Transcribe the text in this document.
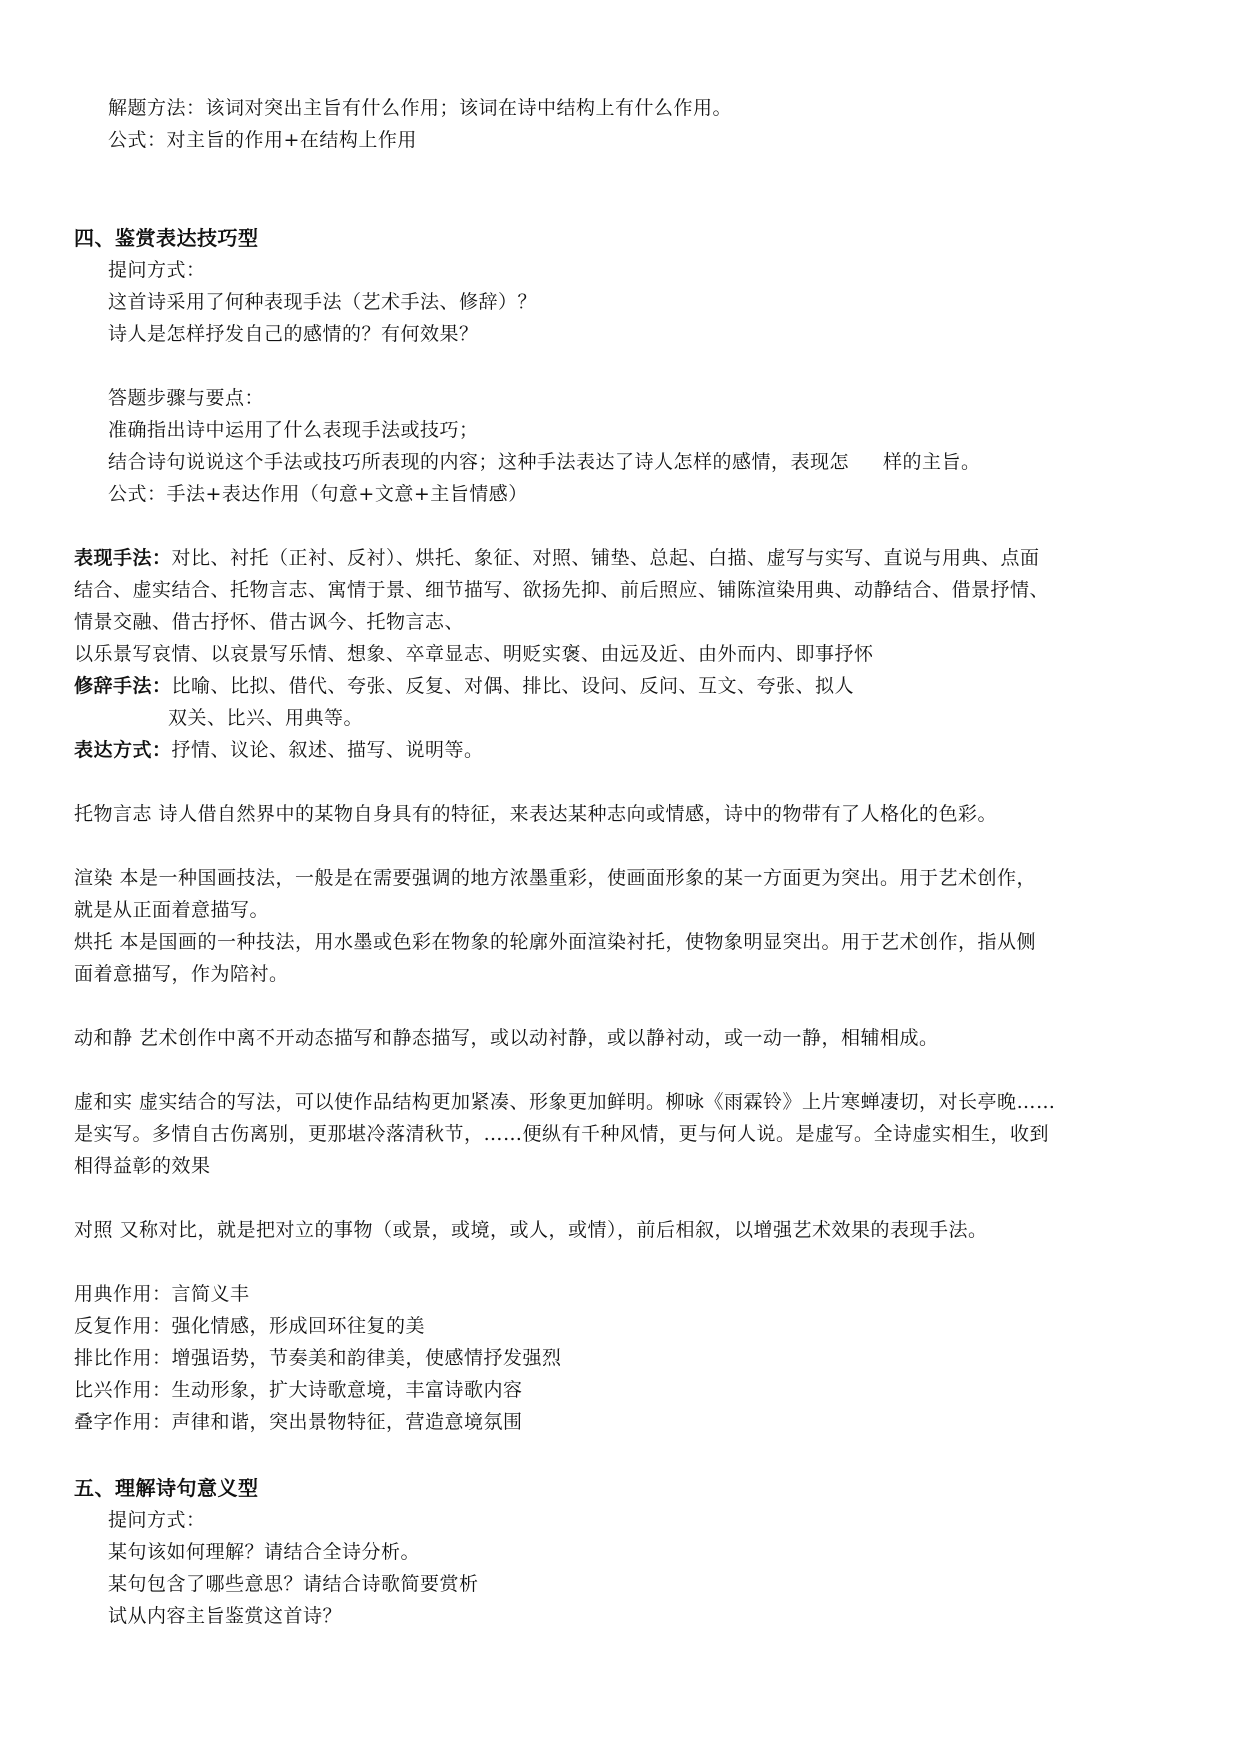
解题方法：该词对突出主旨有什么作用；该词在诗中结构上有什么作用。
公式：对主旨的作用+在结构上作用
四、鉴赏表达技巧型
提问方式：
这首诗采用了何种表现手法（艺术手法、修辞）？
诗人是怎样抒发自己的感情的？有何效果？
答题步骤与要点：
准确指出诗中运用了什么表现手法或技巧；
结合诗句说说这个手法或技巧所表现的内容；这种手法表达了诗人怎样的感情，表现怎 样的主旨。
公式：手法+表达作用（句意+文意+主旨情感）
表现手法：对比、衬托（正衬、反衬）、烘托、象征、对照、铺垫、总起、白描、虚写与实写、直说与用典、点面
结合、虚实结合、托物言志、寓情于景、细节描写、欲扬先抑、前后照应、铺陈渲染用典、动静结合、借景抒情、
情景交融、借古抒怀、借古讽今、托物言志、
以乐景写哀情、以哀景写乐情、想象、卒章显志、明贬实褒、由远及近、由外而内、即事抒怀
修辞手法：比喻、比拟、借代、夸张、反复、对偶、排比、设问、反问、互文、夸张、拟人
双关、比兴、用典等。
表达方式：抒情、议论、叙述、描写、说明等。
托物言志 诗人借自然界中的某物自身具有的特征，来表达某种志向或情感，诗中的物带有了人格化的色彩。
渲染 本是一种国画技法，一般是在需要强调的地方浓墨重彩，使画面形象的某一方面更为突出。用于艺术创作，
就是从正面着意描写。
烘托 本是国画的一种技法，用水墨或色彩在物象的轮廓外面渲染衬托，使物象明显突出。用于艺术创作，指从侧
面着意描写，作为陪衬。
动和静 艺术创作中离不开动态描写和静态描写，或以动衬静，或以静衬动，或一动一静，相辅相成。
虚和实 虚实结合的写法，可以使作品结构更加紧凑、形象更加鲜明。柳咏《雨霖铃》上片寒蝉凄切，对长亭晚……
是实写。多情自古伤离别，更那堪冷落清秋节，……便纵有千种风情，更与何人说。是虚写。全诗虚实相生，收到
相得益彰的效果
对照 又称对比，就是把对立的事物（或景，或境，或人，或情），前后相叙，以增强艺术效果的表现手法。
用典作用：言简义丰
反复作用：强化情感，形成回环往复的美
排比作用：增强语势，节奏美和韵律美，使感情抒发强烈
比兴作用：生动形象，扩大诗歌意境，丰富诗歌内容
叠字作用：声律和谐，突出景物特征，营造意境氛围
五、理解诗句意义型
提问方式：
某句该如何理解？请结合全诗分析。
某句包含了哪些意思？请结合诗歌简要赏析
试从内容主旨鉴赏这首诗？
